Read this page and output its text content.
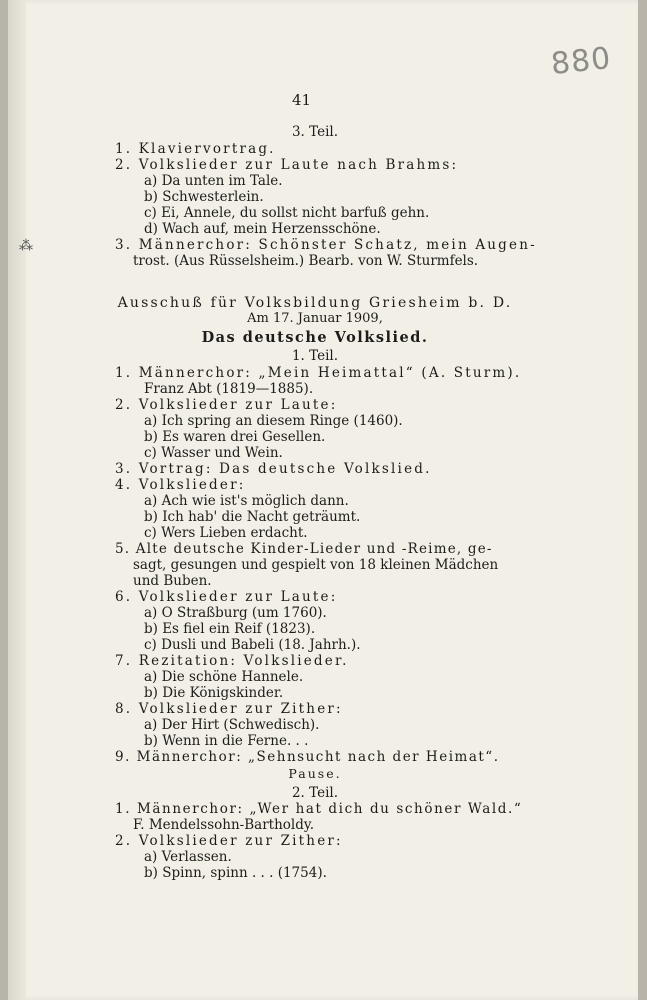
⁂
880
41
3. Teil.
1. Klaviervortrag.
2. Volkslieder zur Laute nach Brahms:
a) Da unten im Tale.
b) Schwesterlein.
c) Ei, Annele, du sollst nicht barfuß gehn.
d) Wach auf, mein Herzensschöne.
3. Männerchor: Schönster Schatz, mein Augen-
trost. (Aus Rüsselsheim.) Bearb. von W. Sturmfels.
Ausschuß für Volksbildung Griesheim b. D.
Am 17. Januar 1909,
Das deutsche Volkslied.
1. Teil.
1. Männerchor: „Mein Heimattal“ (A. Sturm).
Franz Abt (1819—1885).
2. Volkslieder zur Laute:
a) Ich spring an diesem Ringe (1460).
b) Es waren drei Gesellen.
c) Wasser und Wein.
3. Vortrag: Das deutsche Volkslied.
4. Volkslieder:
a) Ach wie ist's möglich dann.
b) Ich hab' die Nacht geträumt.
c) Wers Lieben erdacht.
5. Alte deutsche Kinder-Lieder und -Reime, ge-
sagt, gesungen und gespielt von 18 kleinen Mädchen
und Buben.
6. Volkslieder zur Laute:
a) O Straßburg (um 1760).
b) Es fiel ein Reif (1823).
c) Dusli und Babeli (18. Jahrh.).
7. Rezitation: Volkslieder.
a) Die schöne Hannele.
b) Die Königskinder.
8. Volkslieder zur Zither:
a) Der Hirt (Schwedisch).
b) Wenn in die Ferne. . .
9. Männerchor: „Sehnsucht nach der Heimat“.
Pause.
2. Teil.
1. Männerchor: „Wer hat dich du schöner Wald.“
F. Mendelssohn-Bartholdy.
2. Volkslieder zur Zither:
a) Verlassen.
b) Spinn, spinn . . . (1754).
